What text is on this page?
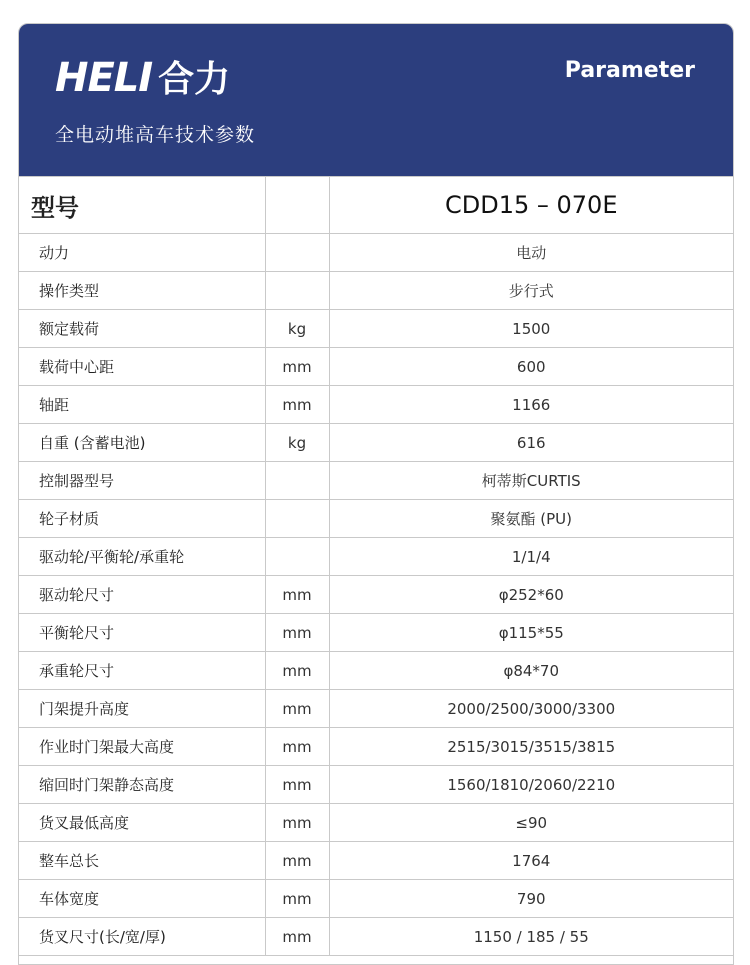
HELI 合力	Parameter
全电动堆高车技术参数
型号		CDD15 – 070E
动力		电动
操作类型		步行式
额定载荷	kg	1500
载荷中心距	mm	600
轴距	mm	1166
自重 (含蓄电池)	kg	616
控制器型号		柯蒂斯CURTIS
轮子材质		聚氨酯 (PU)
驱动轮/平衡轮/承重轮		1/1/4
驱动轮尺寸	mm	φ252*60
平衡轮尺寸	mm	φ115*55
承重轮尺寸	mm	φ84*70
门架提升高度	mm	2000/2500/3000/3300
作业时门架最大高度	mm	2515/3015/3515/3815
缩回时门架静态高度	mm	1560/1810/2060/2210
货叉最低高度	mm	≤90
整车总长	mm	1764
车体宽度	mm	790
货叉尺寸(长/宽/厚)	mm	1150 / 185 / 55
